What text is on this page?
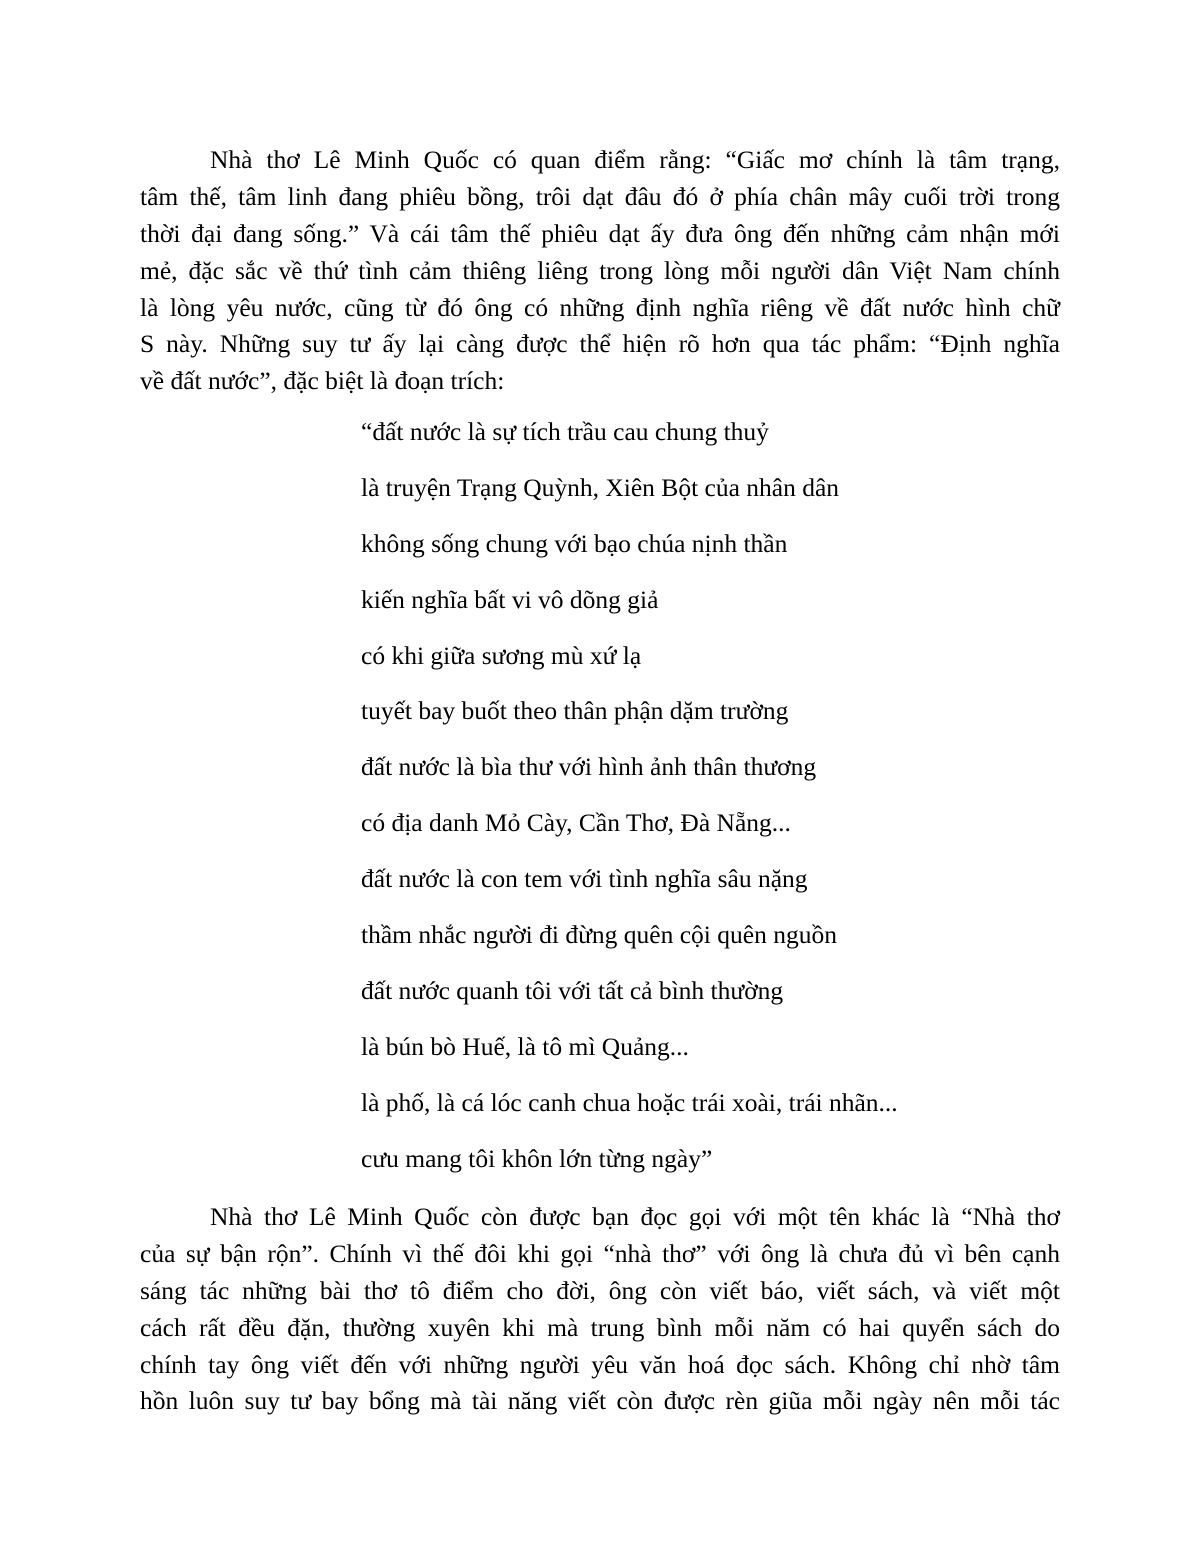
Nhà thơ Lê Minh Quốc có quan điểm rằng: “Giấc mơ chính là tâm trạng,
tâm thế, tâm linh đang phiêu bồng, trôi dạt đâu đó ở phía chân mây cuối trời trong
thời đại đang sống.” Và cái tâm thế phiêu dạt ấy đưa ông đến những cảm nhận mới
mẻ, đặc sắc về thứ tình cảm thiêng liêng trong lòng mỗi người dân Việt Nam chính
là lòng yêu nước, cũng từ đó ông có những định nghĩa riêng về đất nước hình chữ
S này. Những suy tư ấy lại càng được thể hiện rõ hơn qua tác phẩm: “Định nghĩa
về đất nước”, đặc biệt là đoạn trích:
“đất nước là sự tích trầu cau chung thuỷ
là truyện Trạng Quỳnh, Xiên Bột của nhân dân
không sống chung với bạo chúa nịnh thần
kiến nghĩa bất vi vô dõng giả
có khi giữa sương mù xứ lạ
tuyết bay buốt theo thân phận dặm trường
đất nước là bìa thư với hình ảnh thân thương
có địa danh Mỏ Cày, Cần Thơ, Đà Nẵng...
đất nước là con tem với tình nghĩa sâu nặng
thầm nhắc người đi đừng quên cội quên nguồn
đất nước quanh tôi với tất cả bình thường
là bún bò Huế, là tô mì Quảng...
là phố, là cá lóc canh chua hoặc trái xoài, trái nhãn...
cưu mang tôi khôn lớn từng ngày”
Nhà thơ Lê Minh Quốc còn được bạn đọc gọi với một tên khác là “Nhà thơ
của sự bận rộn”. Chính vì thế đôi khi gọi “nhà thơ” với ông là chưa đủ vì bên cạnh
sáng tác những bài thơ tô điểm cho đời, ông còn viết báo, viết sách, và viết một
cách rất đều đặn, thường xuyên khi mà trung bình mỗi năm có hai quyển sách do
chính tay ông viết đến với những người yêu văn hoá đọc sách. Không chỉ nhờ tâm
hồn luôn suy tư bay bổng mà tài năng viết còn được rèn giũa mỗi ngày nên mỗi tác
